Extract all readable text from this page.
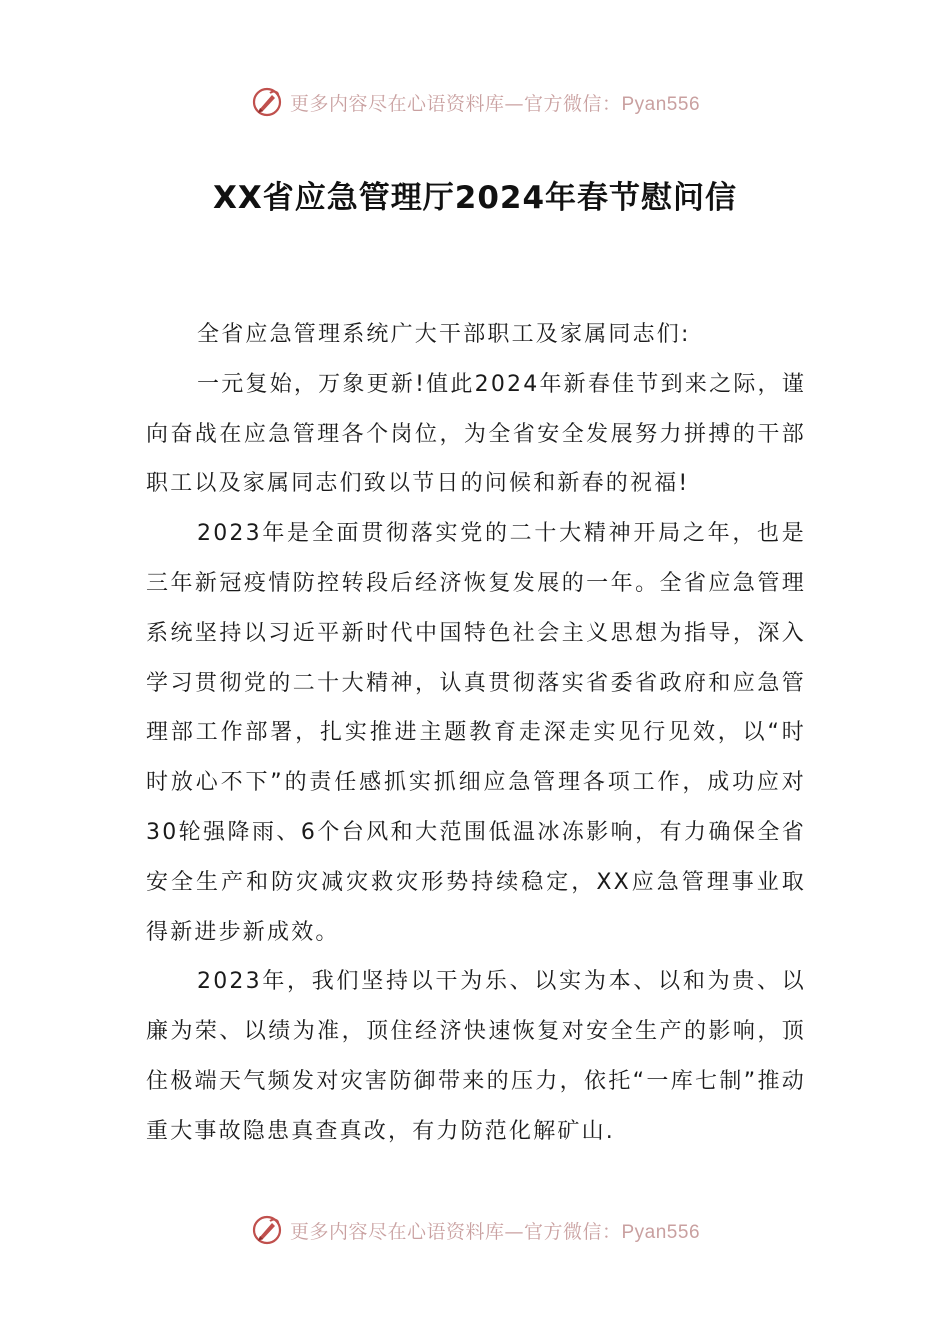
更多内容尽在心语资料库—官方微信：Pyan556
XX省应急管理厅2024年春节慰问信

全省应急管理系统广大干部职工及家属同志们:

一元复始，万象更新!值此2024年新春佳节到来之际，谨向奋战在应急管理各个岗位，为全省安全发展努力拼搏的干部职工以及家属同志们致以节日的问候和新春的祝福!

2023年是全面贯彻落实党的二十大精神开局之年，也是三年新冠疫情防控转段后经济恢复发展的一年。全省应急管理系统坚持以习近平新时代中国特色社会主义思想为指导，深入学习贯彻党的二十大精神，认真贯彻落实省委省政府和应急管理部工作部署，扎实推进主题教育走深走实见行见效，以“时时放心不下”的责任感抓实抓细应急管理各项工作，成功应对30轮强降雨、6个台风和大范围低温冰冻影响，有力确保全省安全生产和防灾减灾救灾形势持续稳定，XX应急管理事业取得新进步新成效。

2023年，我们坚持以干为乐、以实为本、以和为贵、以廉为荣、以绩为准，顶住经济快速恢复对安全生产的影响，顶住极端天气频发对灾害防御带来的压力，依托“一库七制”推动重大事故隐患真查真改，有力防范化解矿山.

更多内容尽在心语资料库—官方微信：Pyan556
